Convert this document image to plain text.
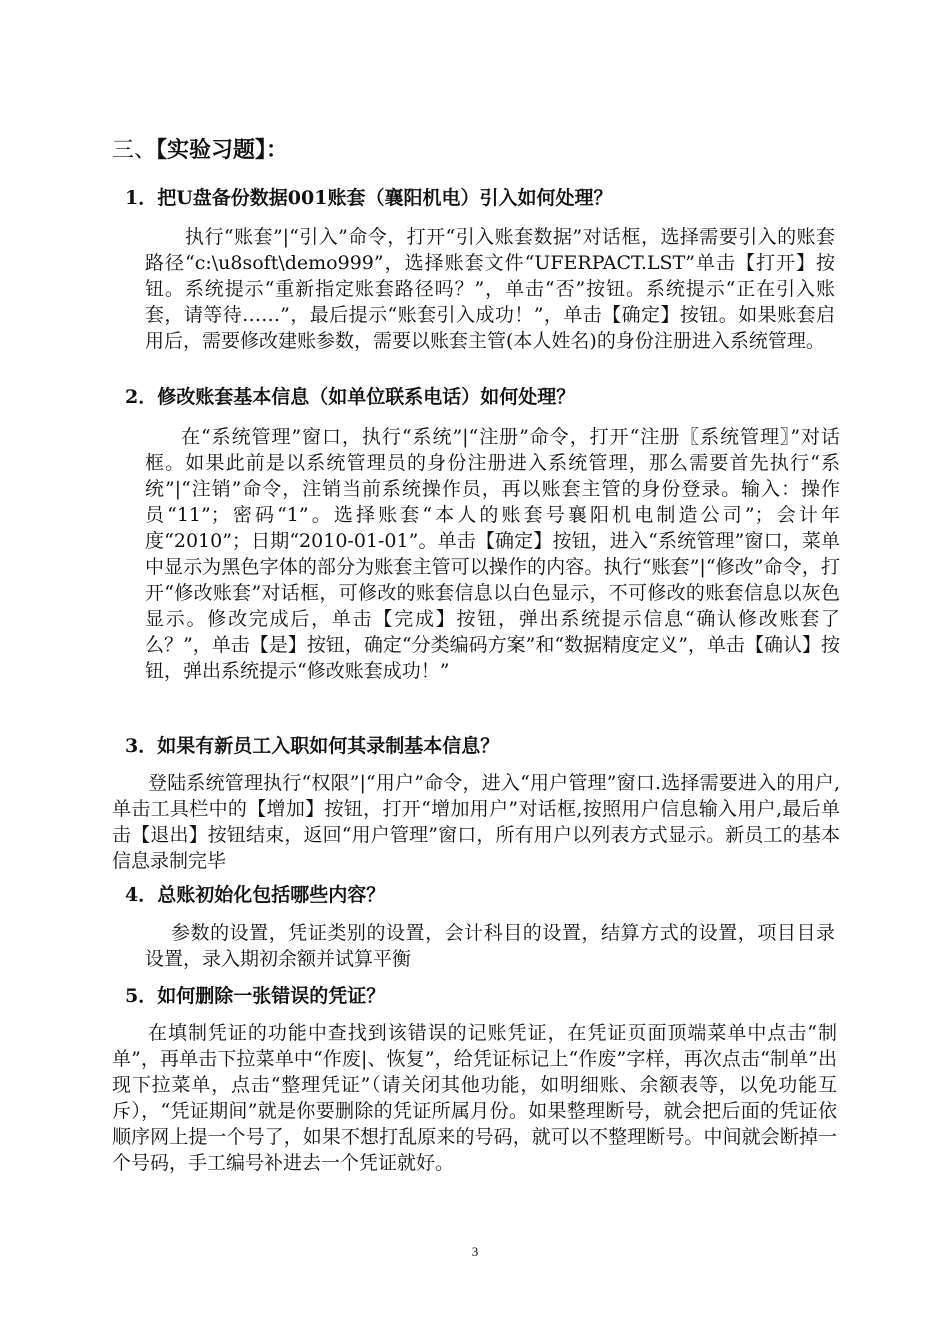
三、【实验习题】：

1．把U盘备份数据001账套（襄阳机电）引入如何处理？

执行“账套”|“引入”命令，打开“引入账套数据”对话框，选择需要引入的账套路径“c:\u8soft\demo999”，选择账套文件“UFERPACT.LST”单击【打开】按钮。系统提示“重新指定账套路径吗？”，单击“否”按钮。系统提示“正在引入账套，请等待……”，最后提示“账套引入成功！”，单击【确定】按钮。如果账套启用后，需要修改建账参数，需要以账套主管(本人姓名)的身份注册进入系统管理。

2．修改账套基本信息（如单位联系电话）如何处理？

在“系统管理”窗口，执行“系统”|“注册”命令，打开“注册〖系统管理〗”对话框。如果此前是以系统管理员的身份注册进入系统管理，那么需要首先执行“系统”|“注销”命令，注销当前系统操作员，再以账套主管的身份登录。输入：操作员“11”；密码“1”。选择账套“本人的账套号襄阳机电制造公司”；会计年度“2010”；日期“2010-01-01”。单击【确定】按钮，进入“系统管理”窗口，菜单中显示为黑色字体的部分为账套主管可以操作的内容。执行“账套”|“修改”命令，打开“修改账套”对话框，可修改的账套信息以白色显示，不可修改的账套信息以灰色显示。修改完成后，单击【完成】按钮，弹出系统提示信息“确认修改账套了么？”，单击【是】按钮，确定“分类编码方案”和“数据精度定义”，单击【确认】按钮，弹出系统提示“修改账套成功！”

3．如果有新员工入职如何其录制基本信息？

登陆系统管理执行“权限”|“用户”命令，进入“用户管理”窗口.选择需要进入的用户,单击工具栏中的【增加】按钮，打开“增加用户”对话框,按照用户信息输入用户,最后单击【退出】按钮结束，返回“用户管理”窗口，所有用户以列表方式显示。新员工的基本信息录制完毕

4．总账初始化包括哪些内容？

参数的设置，凭证类别的设置，会计科目的设置，结算方式的设置，项目目录设置，录入期初余额并试算平衡

5．如何删除一张错误的凭证？

在填制凭证的功能中查找到该错误的记账凭证，在凭证页面顶端菜单中点击“制单”，再单击下拉菜单中“作废|、恢复”，给凭证标记上“作废”字样，再次点击“制单”出现下拉菜单，点击“整理凭证”（请关闭其他功能，如明细账、余额表等，以免功能互斥），“凭证期间”就是你要删除的凭证所属月份。如果整理断号，就会把后面的凭证依顺序网上提一个号了，如果不想打乱原来的号码，就可以不整理断号。中间就会断掉一个号码，手工编号补进去一个凭证就好。

3
